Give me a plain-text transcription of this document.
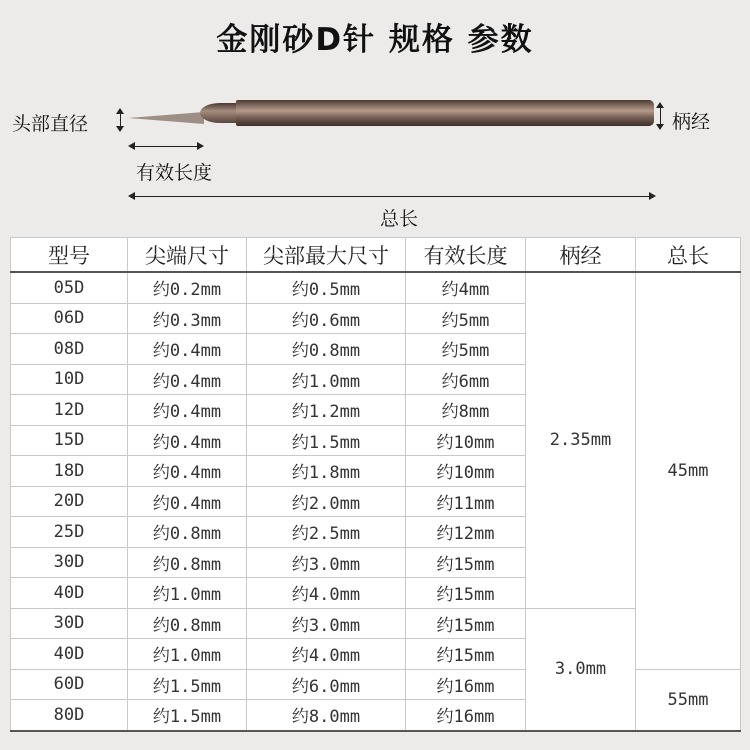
金刚砂D针 规格 参数
头部直径	柄经
有效长度
总长
型号	尖端尺寸	尖部最大尺寸	有效长度	柄经	总长
05D	约0.2mm	约0.5mm	约4mm	2.35mm	45mm
06D	约0.3mm	约0.6mm	约5mm		
08D	约0.4mm	约0.8mm	约5mm		
10D	约0.4mm	约1.0mm	约6mm		
12D	约0.4mm	约1.2mm	约8mm		
15D	约0.4mm	约1.5mm	约10mm		
18D	约0.4mm	约1.8mm	约10mm		
20D	约0.4mm	约2.0mm	约11mm		
25D	约0.8mm	约2.5mm	约12mm		
30D	约0.8mm	约3.0mm	约15mm		
40D	约1.0mm	约4.0mm	约15mm		
30D	约0.8mm	约3.0mm	约15mm	3.0mm	
40D	约1.0mm	约4.0mm	约15mm		
60D	约1.5mm	约6.0mm	约16mm		55mm
80D	约1.5mm	约8.0mm	约16mm		
